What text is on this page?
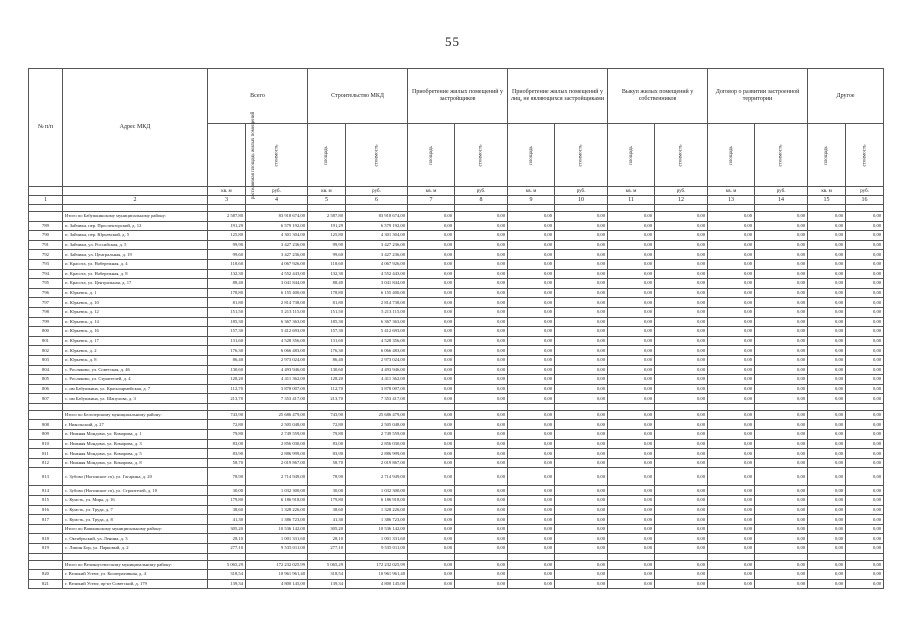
55
№ п/п	Адрес МКД	Всего		Строительство МКД		Приобретение жилых помещений у застройщиков		Приобретение жилых помещений у лиц, не являющихся застройщиками		Выкуп жилых помещений у собственников		Договор о развитии застроенной территории		Другое	
		расселяемая площадь жилых помещений	стоимость	площадь	стоимость	площадь	стоимость	площадь	стоимость	площадь	стоимость	площадь	стоимость	площадь	стоимость
		кв. м	руб.	кв. м	руб.	кв. м	руб.	кв. м	руб.	кв. м	руб.	кв. м	руб.	кв. м	руб.
1	2	3	4	5	6	7	8	9	10	11	12	13	14	15	16

	Итого по Бабушкинскому муниципальному району:	2 587,80	83 918 674,00	2 587,80	83 918 674,00	0,00	0,00	0,00	0,00	0,00	0,00	0,00	0,00	0,00	0,00
789	п. Зайчики, пер. Проспекторский, д. 12	191,29	6 579 192,00	191,29	6 579 192,00	0,00	0,00	0,00	0,00	0,00	0,00	0,00	0,00	0,00	0,00
790	п. Зайчики, пер. Юрьевский, д. 5	125,80	4 301 304,00	125,80	4 301 304,00	0,00	0,00	0,00	0,00	0,00	0,00	0,00	0,00	0,00	0,00
791	п. Зайчики, ул. Российская, д. 5	99,90	3 427 236,00	99,90	3 427 236,00	0,00	0,00	0,00	0,00	0,00	0,00	0,00	0,00	0,00	0,00
792	п. Зайчики, ул. Центральная, д. 19	99,60	3 427 236,00	99,60	3 427 236,00	0,00	0,00	0,00	0,00	0,00	0,00	0,00	0,00	0,00	0,00
793	п. Красота, ул. Набережная, д. 4	118,60	4 067 926,00	118,60	4 067 926,00	0,00	0,00	0,00	0,00	0,00	0,00	0,00	0,00	0,00	0,00
794	п. Красота, ул. Набережная, д. 8	132,30	4 552 443,00	132,30	4 552 443,00	0,00	0,00	0,00	0,00	0,00	0,00	0,00	0,00	0,00	0,00
795	п. Красота, ул. Центральная, д. 17	88,40	3 041 844,00	88,40	3 041 844,00	0,00	0,00	0,00	0,00	0,00	0,00	0,00	0,00	0,00	0,00
796	п. Юрьевск, д. 1	178,80	6 155 400,00	178,80	6 155 400,00	0,00	0,00	0,00	0,00	0,00	0,00	0,00	0,00	0,00	0,00
797	п. Юрьевск, д. 10	81,80	2 814 738,00	81,80	2 814 738,00	0,00	0,00	0,00	0,00	0,00	0,00	0,00	0,00	0,00	0,00
798	п. Юрьевск, д. 12	151,50	5 213 115,00	151,50	5 213 115,00	0,00	0,00	0,00	0,00	0,00	0,00	0,00	0,00	0,00	0,00
799	п. Юрьевск, д. 14	185,30	6 367 363,00	185,30	6 367 363,00	0,00	0,00	0,00	0,00	0,00	0,00	0,00	0,00	0,00	0,00
800	п. Юрьевск, д. 16	157,30	5 412 693,00	157,30	5 412 693,00	0,00	0,00	0,00	0,00	0,00	0,00	0,00	0,00	0,00	0,00
801	п. Юрьевск, д. 17	131,60	4 528 356,00	131,60	4 528 356,00	0,00	0,00	0,00	0,00	0,00	0,00	0,00	0,00	0,00	0,00
802	п. Юрьевск, д. 2	176,30	6 066 483,00	176,30	6 066 483,00	0,00	0,00	0,00	0,00	0,00	0,00	0,00	0,00	0,00	0,00
803	п. Юрьевск, д. 8	86,40	2 973 024,00	86,40	2 973 024,00	0,00	0,00	0,00	0,00	0,00	0,00	0,00	0,00	0,00	0,00
804	с. Росляково, ул. Советская, д. 46	130,60	4 493 946,00	130,60	4 493 946,00	0,00	0,00	0,00	0,00	0,00	0,00	0,00	0,00	0,00	0,00
805	с. Росляково, ул. Строителей, д. 4	128,20	4 411 362,00	128,20	4 411 362,00	0,00	0,00	0,00	0,00	0,00	0,00	0,00	0,00	0,00	0,00
806	с. им Бабушкина, ул. Красноармейская, д. 7	112,70	3 878 007,00	112,70	3 878 007,00	0,00	0,00	0,00	0,00	0,00	0,00	0,00	0,00	0,00	0,00
807	с. им Бабушкина, ул. Шапулова, д. 3	213,70	7 353 417,00	213,70	7 353 417,00	0,00	0,00	0,00	0,00	0,00	0,00	0,00	0,00	0,00	0,00

	Итого по Белозерскому муниципальному району:	743,90	25 686 479,00	743,90	25 686 479,00	0,00	0,00	0,00	0,00	0,00	0,00	0,00	0,00	0,00	0,00
808	г. Никольский, д. 27	72,80	2 505 048,00	72,80	2 505 048,00	0,00	0,00	0,00	0,00	0,00	0,00	0,00	0,00	0,00	0,00
809	п. Нижняя Мондома, ул. Комарова, д. 1	79,80	2 749 559,00	79,80	2 749 559,00	0,00	0,00	0,00	0,00	0,00	0,00	0,00	0,00	0,00	0,00
810	п. Нижняя Мондома, ул. Комарова, д. 3	83,00	2 856 030,00	83,00	2 856 030,00	0,00	0,00	0,00	0,00	0,00	0,00	0,00	0,00	0,00	0,00
811	п. Нижняя Мондома, ул. Комарова, д. 5	83,90	2 886 999,00	83,90	2 886 999,00	0,00	0,00	0,00	0,00	0,00	0,00	0,00	0,00	0,00	0,00
812	п. Нижняя Мондома, ул. Комарова, д. 8	58,70	2 019 867,00	58,70	2 019 867,00	0,00	0,00	0,00	0,00	0,00	0,00	0,00	0,00	0,00	0,00
813	с. Зубово (Ногинское сп), ул. Гагарина, д. 20	78,90	2 714 949,00	78,90	2 714 949,00	0,00	0,00	0,00	0,00	0,00	0,00	0,00	0,00	0,00	0,00
814	с. Зубово (Ногинское сп), ул. Строителей, д. 10	30,00	1 032 300,00	30,00	1 032 300,00	0,00	0,00	0,00	0,00	0,00	0,00	0,00	0,00	0,00	0,00
815	с. Кумсть, ул. Мира, д. 16	179,80	6 186 918,00	179,80	6 186 918,00	0,00	0,00	0,00	0,00	0,00	0,00	0,00	0,00	0,00	0,00
816	с. Кумсть, ул. Труда, д. 7	38,60	1 328 226,00	38,60	1 328 226,00	0,00	0,00	0,00	0,00	0,00	0,00	0,00	0,00	0,00	0,00
817	с. Кумсть, ул. Труда, д. 8	41,30	1 386 723,00	41,30	1 386 723,00	0,00	0,00	0,00	0,00	0,00	0,00	0,00	0,00	0,00	0,00
	Итого по Вашкинскому муниципальному району:	305,20	10 536 142,00	305,20	10 536 142,00	0,00	0,00	0,00	0,00	0,00	0,00	0,00	0,00	0,00	0,00
818	с. Октябрьский, ул. Ленина, д. 3	28,10	1 001 331,60	28,10	1 001 331,60	0,00	0,00	0,00	0,00	0,00	0,00	0,00	0,00	0,00	0,00
819	с. Липин Бор, ул. Парковый, д. 2	277,10	9 535 011,00	277,10	9 535 011,00	0,00	0,00	0,00	0,00	0,00	0,00	0,00	0,00	0,00	0,00

	Итого по Великоустюгскому муниципальному району:	5 065,29	172 232 025,99	5 065,29	172 232 025,99	0,00	0,00	0,00	0,00	0,00	0,00	0,00	0,00	0,00	0,00
820	г. Великий Устюг, ул. Кооперативная, д. 4	318,54	10 961 961,40	318,54	10 961 961,40	0,00	0,00	0,00	0,00	0,00	0,00	0,00	0,00	0,00	0,00
821	г. Великий Устюг, пр-кт Советский, д. 179	139,34	4 800 145,00	139,34	4 800 145,00	0,00	0,00	0,00	0,00	0,00	0,00	0,00	0,00	0,00	0,00
